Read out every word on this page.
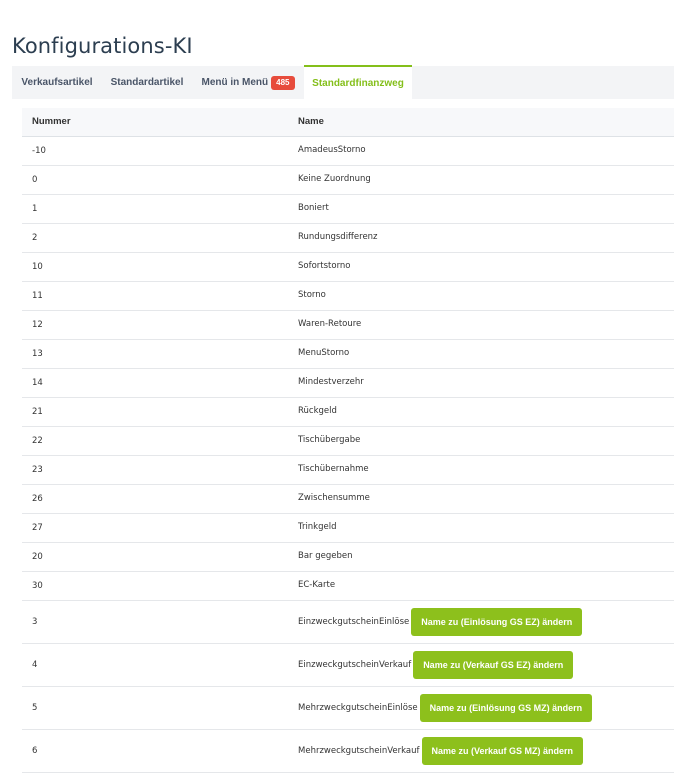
Konfigurations-KI
Verkaufsartikel Standardartikel Menü in Menü	485	Standardfinanzweg
Nummer	Name
-10	AmadeusStorno
0	Keine Zuordnung
1	Boniert
2	Rundungsdifferenz
10	Sofortstorno
11	Storno
12	Waren-Retoure
13	MenuStorno
14	Mindestverzehr
21	Rückgeld
22	Tischübergabe
23	Tischübernahme
26	Zwischensumme
27	Trinkgeld
20	Bar gegeben
30	EC-Karte
3	EinzweckgutscheinEinlöse Name zu (Einlösung GS EZ) ändern
4	EinzweckgutscheinVerkauf Name zu (Verkauf GS EZ) ändern
5	MehrzweckgutscheinEinlöse Name zu (Einlösung GS MZ) ändern
6	MehrzweckgutscheinVerkauf Name zu (Verkauf GS MZ) ändern
